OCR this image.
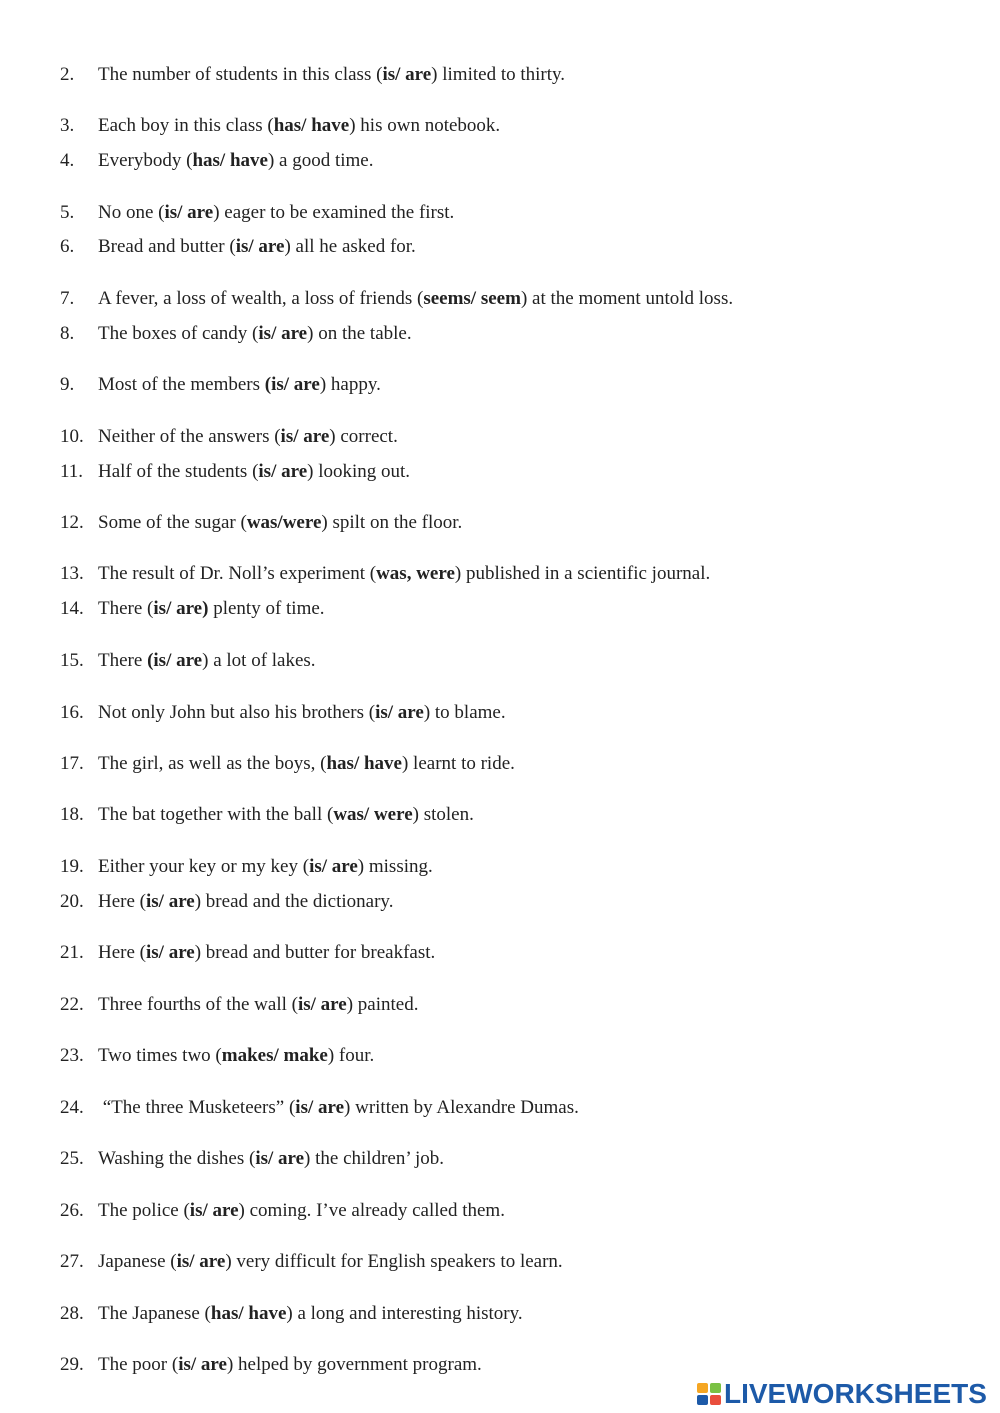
2. The number of students in this class (is/ are) limited to thirty.
3. Each boy in this class (has/ have) his own notebook.
4. Everybody (has/ have) a good time.
5. No one (is/ are) eager to be examined the first.
6. Bread and butter (is/ are) all he asked for.
7. A fever, a loss of wealth, a loss of friends (seems/ seem) at the moment untold loss.
8. The boxes of candy (is/ are) on the table.
9. Most of the members (is/ are) happy.
10. Neither of the answers (is/ are) correct.
11. Half of the students (is/ are) looking out.
12. Some of the sugar (was/were) spilt on the floor.
13. The result of Dr. Noll’s experiment (was, were) published in a scientific journal.
14. There (is/ are) plenty of time.
15. There (is/ are) a lot of lakes.
16. Not only John but also his brothers (is/ are) to blame.
17. The girl, as well as the boys, (has/ have) learnt to ride.
18. The bat together with the ball (was/ were) stolen.
19. Either your key or my key (is/ are) missing.
20. Here (is/ are) bread and the dictionary.
21. Here (is/ are) bread and butter for breakfast.
22. Three fourths of the wall (is/ are) painted.
23. Two times two (makes/ make) four.
24. “The three Musketeers” (is/ are) written by Alexandre Dumas.
25. Washing the dishes (is/ are) the children’ job.
26. The police (is/ are) coming. I’ve already called them.
27. Japanese (is/ are) very difficult for English speakers to learn.
28. The Japanese (has/ have) a long and interesting history.
29. The poor (is/ are) helped by government program.
LIVEWORKSHEETS
